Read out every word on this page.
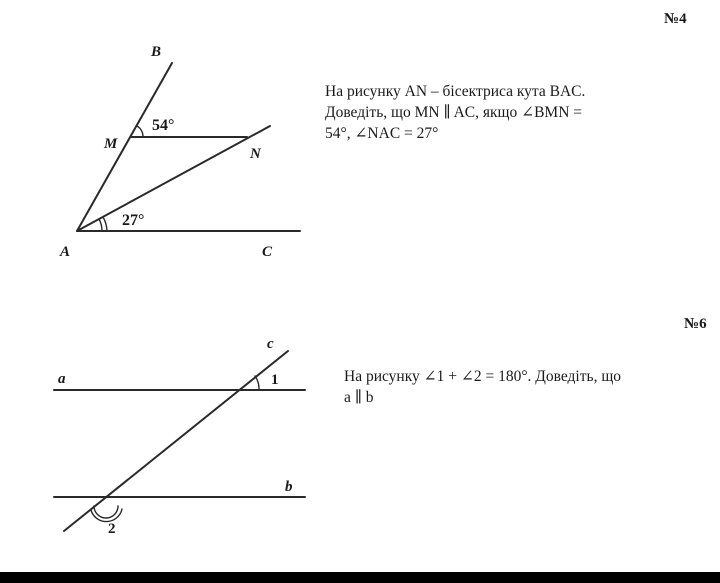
№4

На рисунку AN – бісектриса кута BAC.

Доведіть, що MN ∥ AC, якщо ∠BMN =

54°, ∠NAC = 27°

B
M
N
A	C
54°
27°
c
a
b
1
2
№6

На рисунку ∠1 + ∠2 = 180°. Доведіть, що

a ∥ b
